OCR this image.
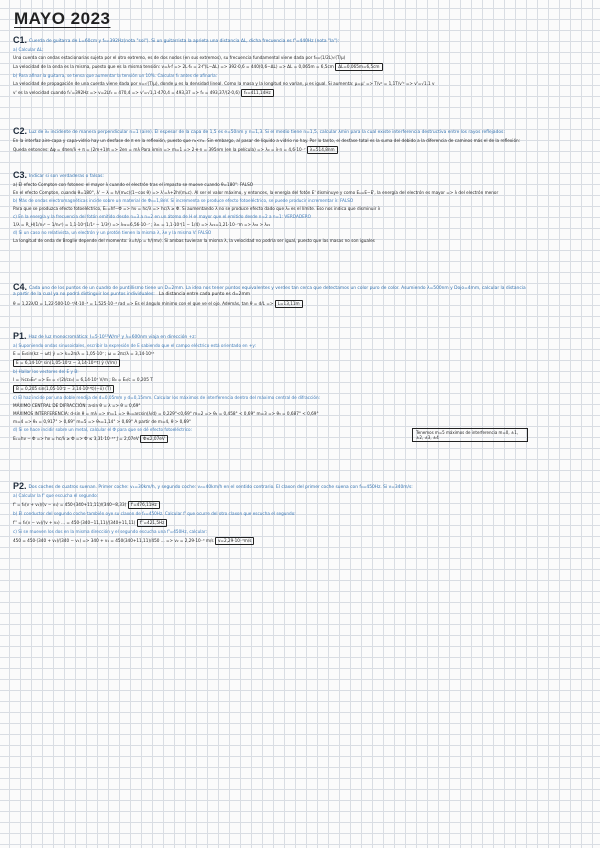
MAYO 2023
C1. Cuerda de guitarra de L=60cm y f₀=392Hz(nota "sol"). Si un guitarrista la aprieta una distancia ΔL, dicha frecuencia es f'=440Hz (nota "la"):
a) Calcular ΔL:
Una cuerda con ondas estacionarias sujeta por el otro extremo, es de dos nodos (en sus extremos), su frecuencia fundamental viene dada por f₀=(1/2L)√(T/μ)
La velocidad de la onda es la misma, puesto que es la misma tensión: v=λ·f => 2L·f₀ = 2·f'(L−ΔL) => 392·0,6 = 440(0,6−ΔL) => ΔL = 0,065m = 6,5cm ΔL=0,065m=6,5cm
b) Para afinar la guitarra, se tensa que aumentar la tensión un 10%. Calcular f₀ antes de afinarla:
La velocidad de propagación de una cuerda viene dada por v=√(T/μ), donde μ es la densidad lineal. Como la masa y la longitud no varían, μ es igual. Si aumenta: μ=μ' => T/v² = 1,1T/v'² => v'=√1,1 v
v' es la velocidad cuando f₀'=392Hz => v=2Lf₀ = 470,4 => v'=√1,1·470,4 = 493,37 => f₀ = 493,37/(2·0,6) f₀=411,14Hz
C2. Luz de λ₀ incidente de manera perpendicular n=1 (aire). El espesor de la capa de 1,5 es e=50nm y n=1,3. Si el medio tiene n=1,5, calcular λmin para la cual existe interferencia destructiva entre los rayos reflejados:
En la interfaz aire-capa y capa-vidrio hay un desfase de π en la reflexión, puesto que n₁<n₂. Sin embargo, al pasar de líquido a vidrio no hay. Por lo tanto, el desfase total es la suma del debido a la diferencia de caminos más el de la reflexión:
Queda entonces: Δφ = 4πen/λ + π = (2m+1)π => 2en = mλ Para λmin => m=1 => 2·e·n = 395nm (en la película) => λ₀ = λ·n = 4,6·10⁻⁷ λ=514,8nm
C3. Indicar si son verdaderas o falsas:
a) El efecto Compton con fotones: el mayor λ cuando el electrón tras el impacto se mueve cuando θ=180°: FALSO
En el efecto Compton, cuando θ=180°, λ' − λ = h/(mₑc)(1−cos θ) => λ'=λ+2h/(mₑc). Al ser el valor máximo, y entonces, la energía del fotón E' disminuye y como Eₑ=E−E', la energía del electrón es mayor => λ del electrón menor
b) Más de ondas electromagnéticas incide sobre un material de Φ₀=1,8eV. Si incrementa se produce efecto fotoeléctrico, se puede producir incrementar λ: FALSO
Para que se produzca efecto fotoeléctrico, Eₖ=hf−Φ => hν = hc/λ => hc/λ ≥ Φ. Si aumentando λ no se produce efecto dado que λ₀ es el límite. Eso nos indica que disminuir λ
c) En la energía y la frecuencia del fotón emitido desde n=3 a n=2 en un átomo de H el mayor que el emitido desde n=2 a n=1: VERDADERO
1/λ = R_H(1/n₁² − 1/n₂²) = 1,1·10⁷(1/1² − 1/3²) => λ₃₂=6,56·10⁻⁷ ; λ₂₁ = 1,1·10⁷(1 − 1/4) => λ₂₁=1,21·10⁻⁷m => λ₃₂ > λ₂₁
d) Si un caso no relativista, un electrón y un protón tienen la misma λ, λe y la misma V: FALSO
La longitud de onda de Broglie depende del momento: λ=h/p = h/(mv). Si ambas tuvieran la misma λ, la velocidad no podría ser igual, puesto que las masas no son iguales
C4. Cada uno de los puntos de un cuadro de puntillismo tiene un D=2mm. La idea nos tener puntos equivalentes y verdes tan cerca que detectamos un color puro de color. Asumiendo λ=500nm y Dojo=4mm, calcular la distancia
a partir de la cual ya no podrá distinguir los puntos individuales: La distancia entre cada punto es d=2mm
θ = 1,22λ/D = 1,22·500·10⁻⁹/4·10⁻³ = 1,525·10⁻⁴ rad => Es el ángulo mínimo con el que ve el ojo. Además, tan θ = d/L => L=13,11m
P1. Haz de luz monocromática: I=5·10¹²W/m² y λ=600nm viaja en dirección +z:
a) Suponiendo ondas sinusoidales, escribir la expresión de E sabiendo que el campo eléctrico está orientado en +y:
E = E₀sin(kz − ωt) ŷ => k=2π/λ = 1,05·10⁷ ; ω = 2πc/λ = 3,14·10¹⁵
E = 6,14·10⁷ sin(1,05·10⁷z − 3,14·10¹⁵t) ŷ (V/m)
b) Hallar los vectores del E y B:
I = ½cε₀E₀² => E₀ = √(2I/cε₀) = 6,14·10⁷ V/m ; B₀ = E₀/c = 0,205 T
B = 0,205 sin(1,05·10⁷z − 3,14·10¹⁵t)(−x̂) (T)
c) El haz incide por una doble rendija de d=0,05mm y d=0,15mm. Calcular los máximos de interferencia dentro del máximo central de difracción:
MÁXIMO CENTRAL DE DIFRACCIÓN: a·sin θ = λ => θ = 0,69°
MÁXIMOS INTERFERENCIA: d·sin θ = mλ => m=1 => θ₁=arcsin(λ/d) = 0,229°<0,69° m=2 => θ₂ = 0,458° < 0,69° m=3 => θ₃ = 0,687° < 0,69°
m=4 => θ₄ = 0,917° > 0,69° m=5 => θ₅=1,14° > 0,69° A partir de m=4, θ > 0,69°
d) Si se hace incidir sobre un metal, calcular el Φ para que se dé efecto fotoeléctrico:
Eₖ=hν − Φ => hν = hc/λ ≥ Φ => Φ ≤ 3,31·10⁻¹⁹ J = 2,07eV Φ≤2,07eV
Tenemos m=5 máximos de interferencia m=0, ±1, ±2, ±3, ±4
P2. Dos coches de cuatros suenan. Primer coche: v₁=30km/h, y segundo coche: v₂=40km/h en el sentido contrario. El claxon del primer coche suena con f₀=450Hz. Si v=340m/s:
a) Calcular la f' que escucha el segundo:
f' = f₀(v + v₂)/(v − v₁) = 450·(340+11,11)/(340−8,33) f'=476,11Hz
b) El conductor del segundo coche también oye su claxon de f₀=450Hz. Calcular f' que ocurre del otro claxon que escucha el segundo:
f'' = f₀(v − v₂)/(v + v₂) ... = 450·(340−11,11)/(340+11,11) f''=421,5Hz
c) Si se mueven los dos en la misma dirección y el segundo escucha una f'=450Hz, calcular:
450 = 450·(340 + v₂)/(340 − v₁) => 340 + v₁ = 450(340+11,11)/450 ... => v₂ = 2,29·10⁻³ m/s v=2,29·10⁻³m/s
